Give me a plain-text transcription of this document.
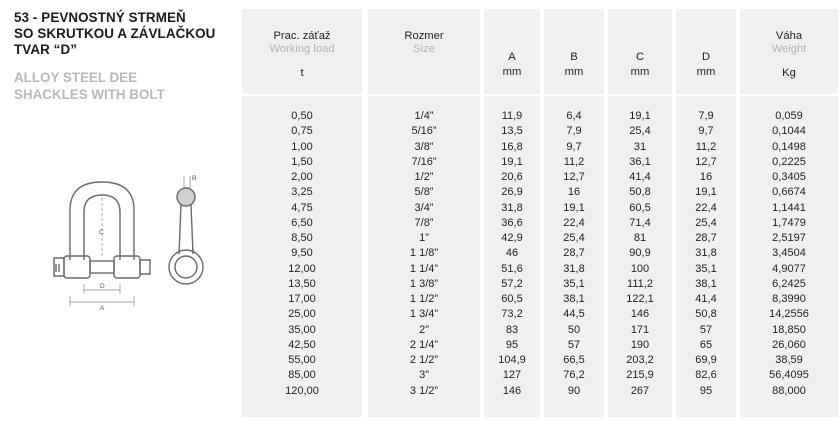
53 - PEVNOSTNÝ STRMEŇ
SO SKRUTKOU A ZÁVLAČKOU
TVAR “D”
ALLOY STEEL DEE
SHACKLES WITH BOLT
C
D
A
B
Prac. záťaž
Working load
t
0,50
0,75
1,00
1,50
2,00
3,25
4,75
6,50
8,50
9,50
12,00
13,50
17,00
25,00
35,00
42,50
55,00
85,00
120,00
Rozmer
Size
1/4”
5/16”
3/8”
7/16”
1/2”
5/8”
3/4”
7/8”
1”
1 1/8”
1 1/4”
1 3/8”
1 1/2”
1 3/4”
2”
2 1/4”
2 1/2”
3”
3 1/2”
A
mm
11,9
13,5
16,8
19,1
20,6
26,9
31,8
36,6
42,9
46
51,6
57,2
60,5
73,2
83
95
104,9
127
146
B
mm
6,4
7,9
9,7
11,2
12,7
16
19,1
22,4
25,4
28,7
31,8
35,1
38,1
44,5
50
57
66,5
76,2
90
C
mm
19,1
25,4
31
36,1
41,4
50,8
60,5
71,4
81
90,9
100
111,2
122,1
146
171
190
203,2
215,9
267
D
mm
7,9
9,7
11,2
12,7
16
19,1
22,4
25,4
28,7
31,8
35,1
38,1
41,4
50,8
57
65
69,9
82,6
95
Váha
Weight
Kg
0,059
0,1044
0,1498
0,2225
0,3405
0,6674
1,1441
1,7479
2,5197
3,4504
4,9077
6,2425
8,3990
14,2556
18,850
26,060
38,59
56,4095
88,000
